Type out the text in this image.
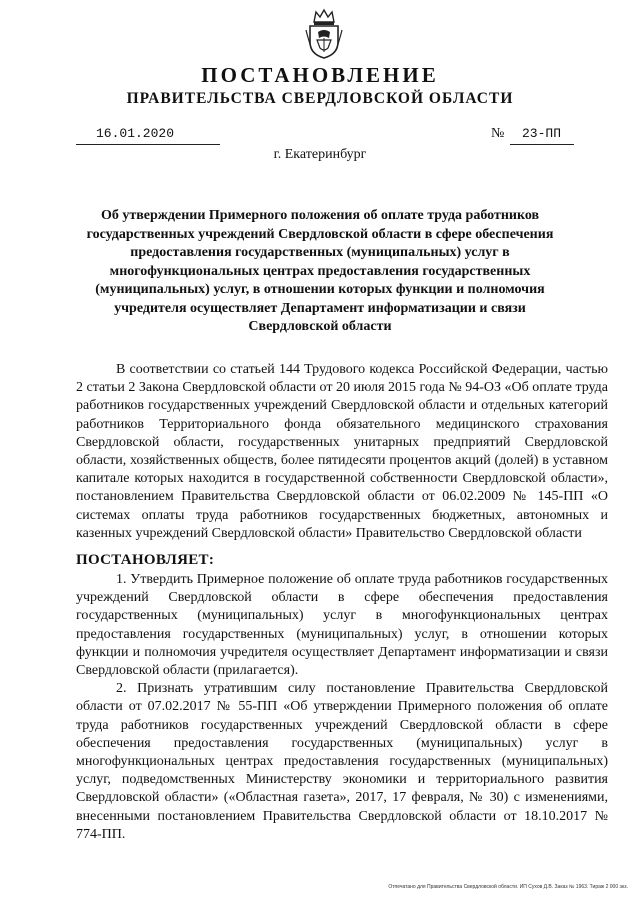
ПОСТАНОВЛЕНИЕ
ПРАВИТЕЛЬСТВА СВЕРДЛОВСКОЙ ОБЛАСТИ
16.01.2020	№ 23-ПП
г. Екатеринбург
Об утверждении Примерного положения об оплате труда работников государственных учреждений Свердловской области в сфере обеспечения предоставления государственных (муниципальных) услуг в многофункциональных центрах предоставления государственных (муниципальных) услуг, в отношении которых функции и полномочия учредителя осуществляет Департамент информатизации и связи Свердловской области

В соответствии со статьей 144 Трудового кодекса Российской Федерации, частью 2 статьи 2 Закона Свердловской области от 20 июля 2015 года № 94-ОЗ «Об оплате труда работников государственных учреждений Свердловской области и отдельных категорий работников Территориального фонда обязательного медицинского страхования Свердловской области, государственных унитарных предприятий Свердловской области, хозяйственных обществ, более пятидесяти процентов акций (долей) в уставном капитале которых находится в государственной собственности Свердловской области», постановлением Правительства Свердловской области от 06.02.2009 № 145-ПП «О системах оплаты труда работников государственных бюджетных, автономных и казенных учреждений Свердловской области» Правительство Свердловской области

ПОСТАНОВЛЯЕТ:

1. Утвердить Примерное положение об оплате труда работников государственных учреждений Свердловской области в сфере обеспечения предоставления государственных (муниципальных) услуг в многофункциональных центрах предоставления государственных (муниципальных) услуг, в отношении которых функции и полномочия учредителя осуществляет Департамент информатизации и связи Свердловской области (прилагается).

2. Признать утратившим силу постановление Правительства Свердловской области от 07.02.2017 № 55-ПП «Об утверждении Примерного положения об оплате труда работников государственных учреждений Свердловской области в сфере обеспечения предоставления государственных (муниципальных) услуг в многофункциональных центрах предоставления государственных (муниципальных) услуг, подведомственных Министерству экономики и территориального развития Свердловской области» («Областная газета», 2017, 17 февраля, № 30) с изменениями, внесенными постановлением Правительства Свердловской области от 18.10.2017 № 774-ПП.

Отпечатано для Правительства Свердловской области. ИП Сухов Д.В. Заказ № 1963. Тираж 2 000 экз.
